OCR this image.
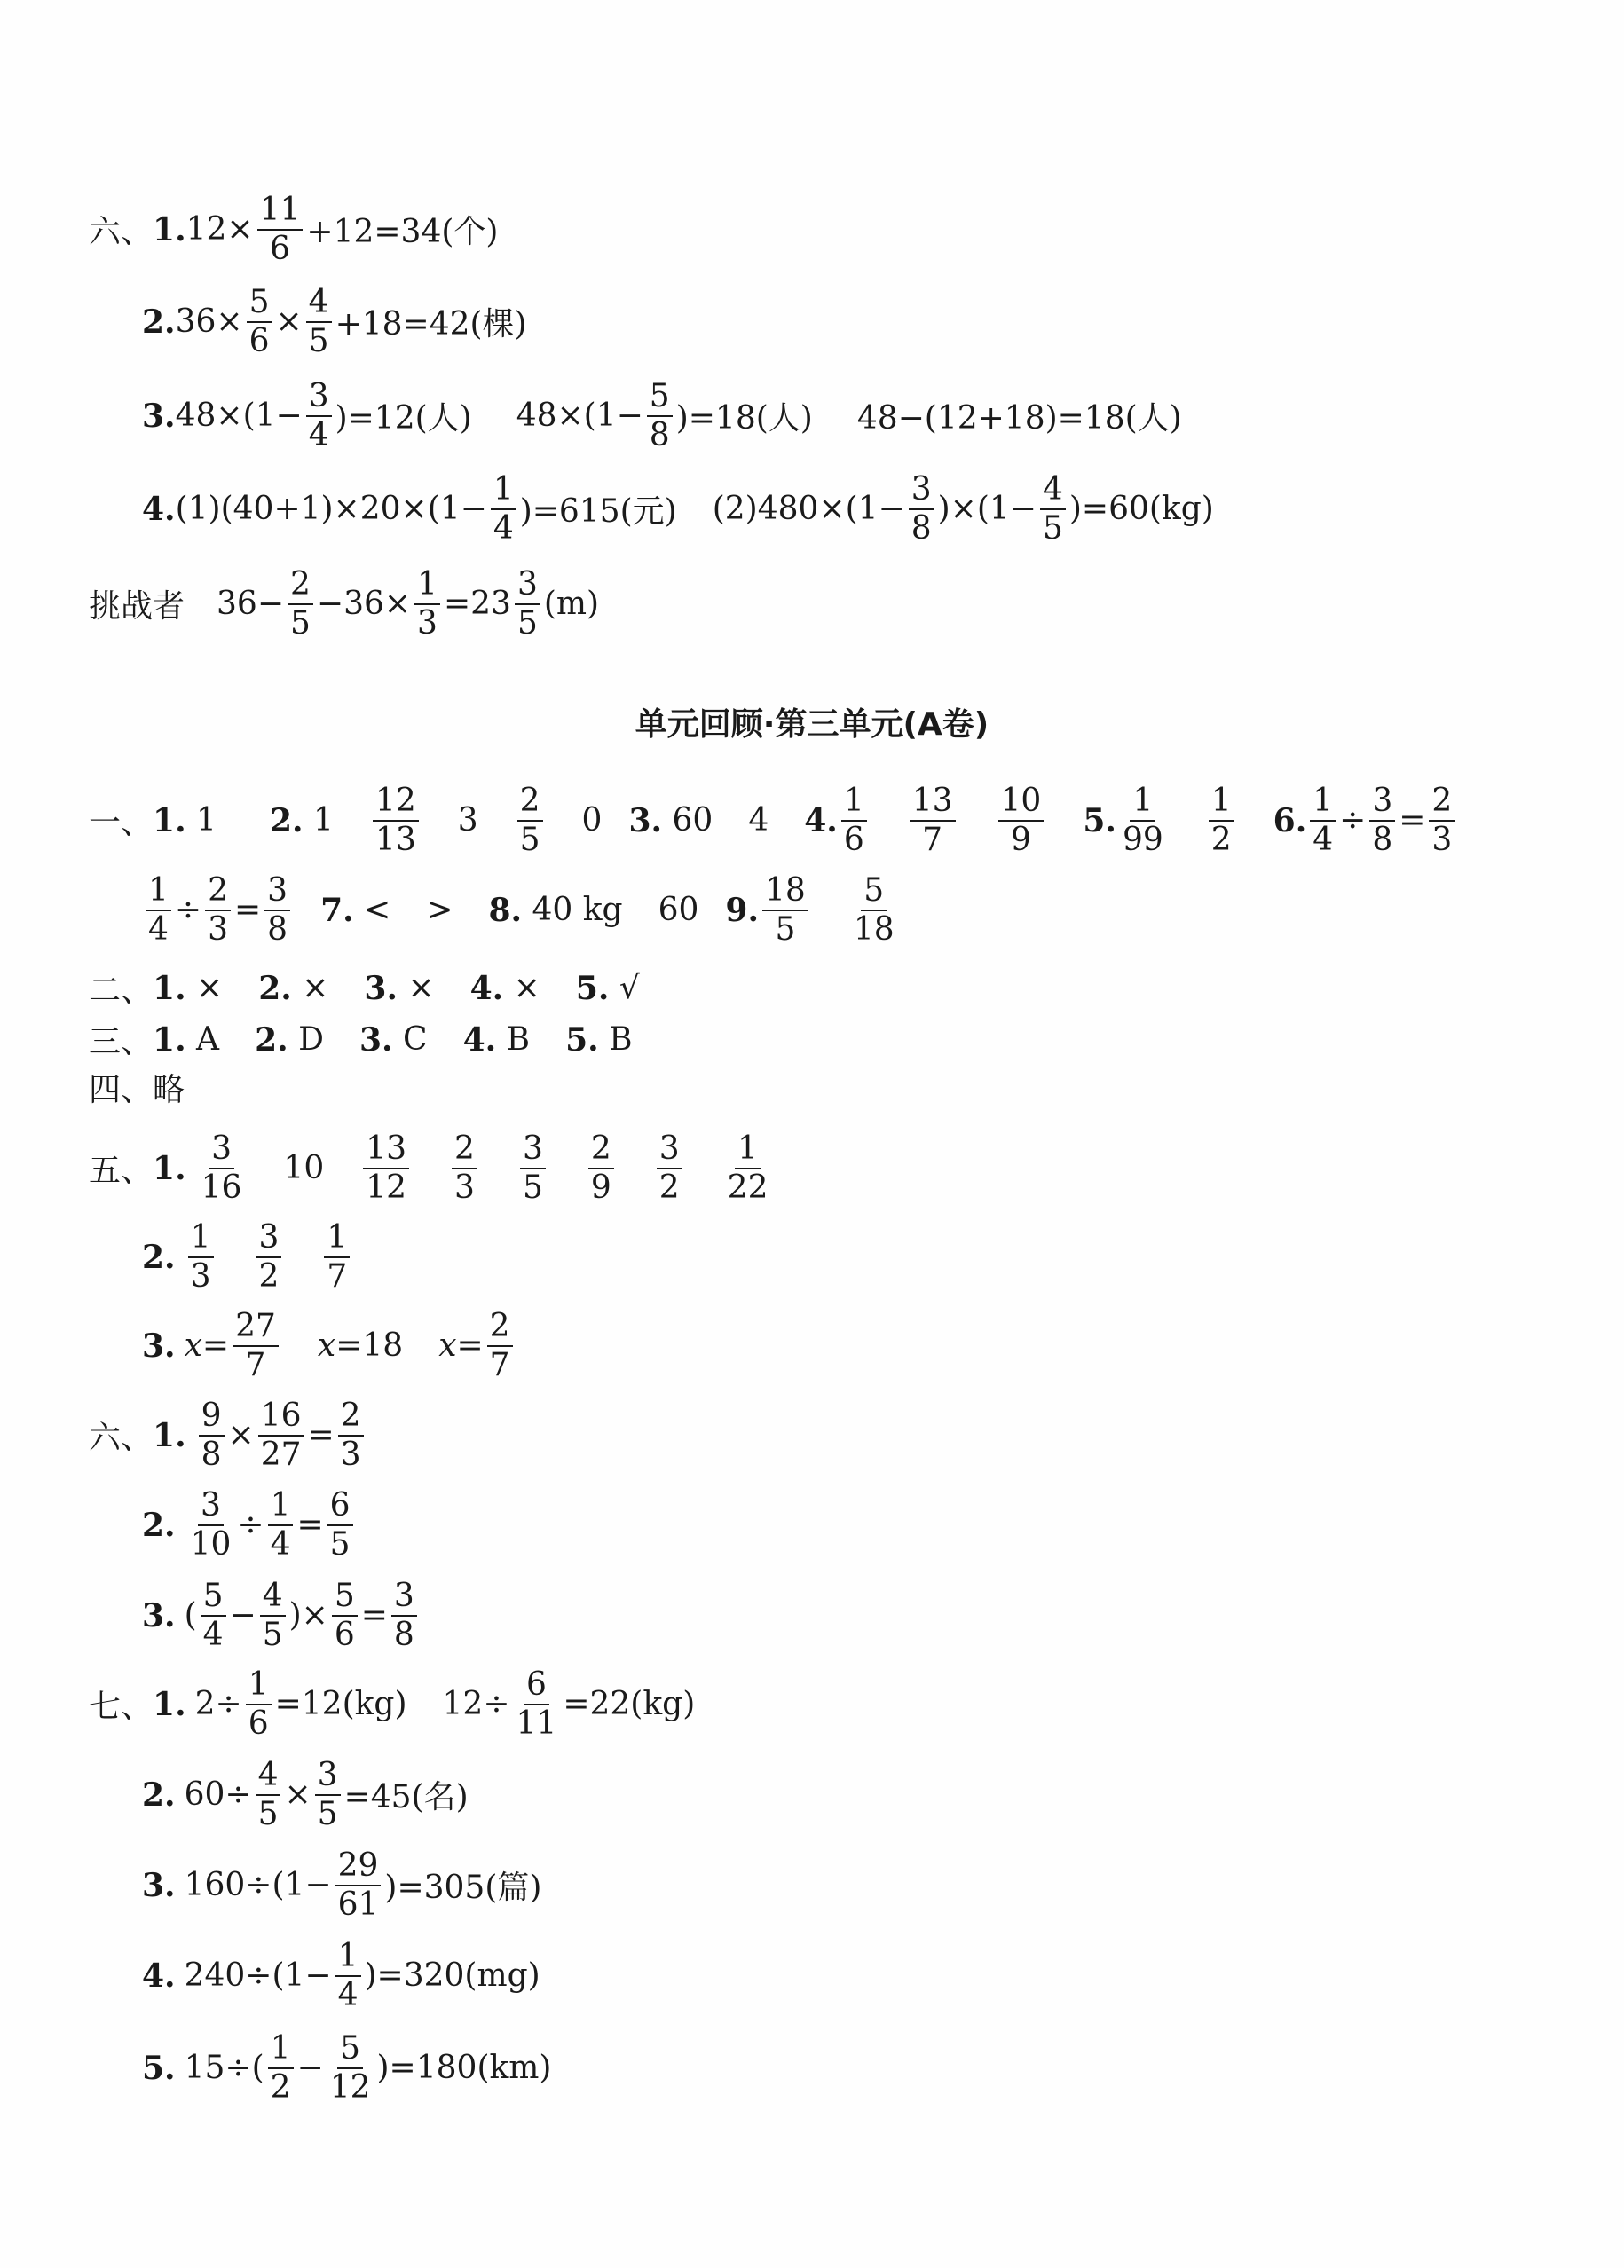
六、 1. $12\times \frac{11}{6} +12=34$(个)
2. $36\times \frac{5}{6} \times \frac{4}{5} +18=42$(棵)
3. $48\times(1- \frac{3}{4} )=12$(人) $48\times(1- \frac{5}{8} )=18$(人) 48−(12+18)=18(人)
4. $(1)(40+1)\times 20\times(1- \frac{1}{4} )=615$(元) $(2)480\times(1- \frac{3}{8} )\times(1- \frac{4}{5} )=60(kg)$
挑战者 $36- \frac{2}{5} -36\times \frac{1}{3} =23 \frac{3}{5} (m)$
单元回顾·第三单元(A卷)
一、 1. 1 2. $1 \frac{12}{13} 3 \frac{2}{5} 0$ 3. 60 4 4. $\frac{1}{6} \frac{13}{7} \frac{10}{9} 5$. $\frac{1}{99} \frac{1}{2} 6$. $\frac{1}{4} \div \frac{3}{8} = \frac{2}{3}$
$\frac{1}{4} \div \frac{2}{3} = \frac{3}{8} 7$. < > 8. 40 kg 60 9. $\frac{18}{5} \frac{5}{18}$
二、 1. × 2. × 3. × 4. × 5. √
三、 1. A 2. D 3. C 4. B 5. B
四、 略
五、 1. $\frac{3}{16} 10 \frac{13}{12} \frac{2}{3} \frac{3}{5} \frac{2}{9} \frac{3}{2} \frac{1}{22}$
2. $\frac{1}{3} \frac{3}{2} \frac{1}{7}$
3. $x = \frac{27}{7}$ x =18 $x = \frac{2}{7}$
六、 1. $\frac{9}{8} \times \frac{16}{27} = \frac{2}{3}$
2. $\frac{3}{10} \div \frac{1}{4} = \frac{6}{5}$
3. ( $\frac{5}{4} - \frac{4}{5}$ )× $\frac{5}{6} = \frac{3}{8}$
七、 1. $2\div \frac{1}{6} =12(kg)$ $12\div \frac{6}{11} =22(kg)$
2. $60\div \frac{4}{5} \times \frac{3}{5} =45$(名)
3. $160\div(1- \frac{29}{61} )=305$(篇)
4. $240\div(1- \frac{1}{4} )=320(mg)$
5. $15\div( \frac{1}{2} - \frac{5}{12} )=180(km)$
